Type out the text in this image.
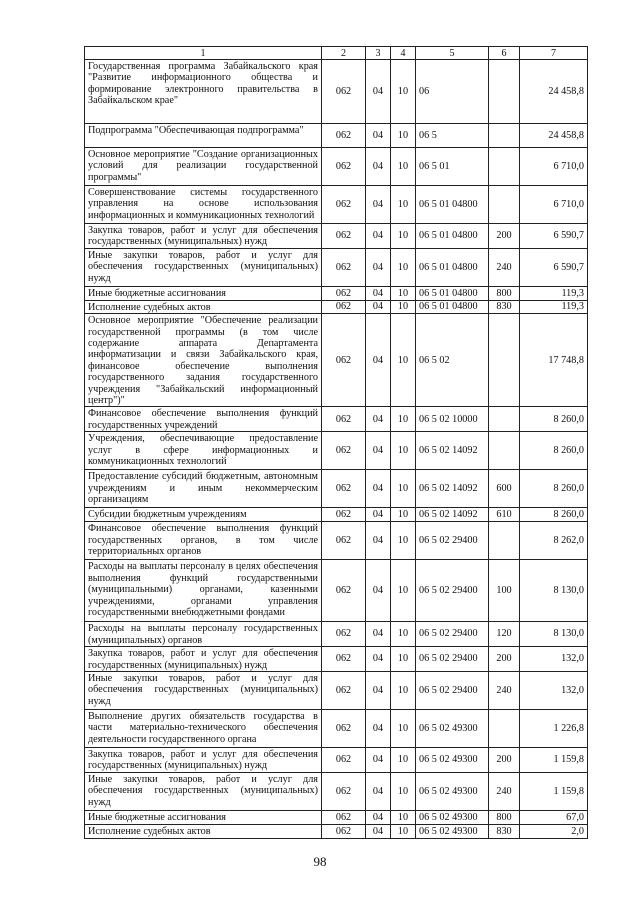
1	2	3	4	5	6	7
Государственная программа Забайкальского края "Развитие информационного общества и формирование электронного правительства в Забайкальском крае"	062	04	10	06		24 458,8
Подпрограмма "Обеспечивающая подпрограмма"	062	04	10	06 5		24 458,8
Основное мероприятие "Создание организационных условий для реализации государственной программы"	062	04	10	06 5 01		6 710,0
Совершенствование системы государственного управления на основе использования информационных и коммуникационных технологий	062	04	10	06 5 01 04800		6 710,0
Закупка товаров, работ и услуг для обеспечения государственных (муниципальных) нужд	062	04	10	06 5 01 04800	200	6 590,7
Иные закупки товаров, работ и услуг для обеспечения государственных (муниципальных) нужд	062	04	10	06 5 01 04800	240	6 590,7
Иные бюджетные ассигнования	062	04	10	06 5 01 04800	800	119,3
Исполнение судебных актов	062	04	10	06 5 01 04800	830	119,3
Основное мероприятие "Обеспечение реализации государственной программы (в том числе содержание аппарата Департамента информатизации и связи Забайкальского края, финансовое обеспечение выполнения государственного задания государственного учреждения "Забайкальский информационный центр")"	062	04	10	06 5 02		17 748,8
Финансовое обеспечение выполнения функций государственных учреждений	062	04	10	06 5 02 10000		8 260,0
Учреждения, обеспечивающие предоставление услуг в сфере информационных и коммуникационных технологий	062	04	10	06 5 02 14092		8 260,0
Предоставление субсидий бюджетным, автономным учреждениям и иным некоммерческим организациям	062	04	10	06 5 02 14092	600	8 260,0
Субсидии бюджетным учреждениям	062	04	10	06 5 02 14092	610	8 260,0
Финансовое обеспечение выполнения функций государственных органов, в том числе территориальных органов	062	04	10	06 5 02 29400		8 262,0
Расходы на выплаты персоналу в целях обеспечения выполнения функций государственными (муниципальными) органами, казенными учреждениями, органами управления государственными внебюджетными фондами	062	04	10	06 5 02 29400	100	8 130,0
Расходы на выплаты персоналу государственных (муниципальных) органов	062	04	10	06 5 02 29400	120	8 130,0
Закупка товаров, работ и услуг для обеспечения государственных (муниципальных) нужд	062	04	10	06 5 02 29400	200	132,0
Иные закупки товаров, работ и услуг для обеспечения государственных (муниципальных) нужд	062	04	10	06 5 02 29400	240	132,0
Выполнение других обязательств государства в части материально-технического обеспечения деятельности государственного органа	062	04	10	06 5 02 49300		1 226,8
Закупка товаров, работ и услуг для обеспечения государственных (муниципальных) нужд	062	04	10	06 5 02 49300	200	1 159,8
Иные закупки товаров, работ и услуг для обеспечения государственных (муниципальных) нужд	062	04	10	06 5 02 49300	240	1 159,8
Иные бюджетные ассигнования	062	04	10	06 5 02 49300	800	67,0
Исполнение судебных актов	062	04	10	06 5 02 49300	830	2,0
98
